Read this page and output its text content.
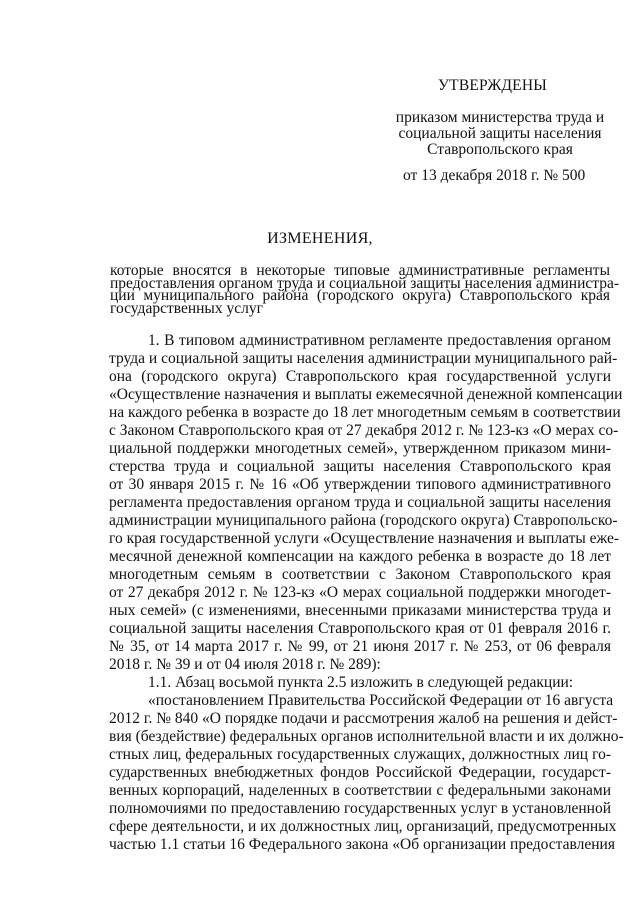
УТВЕРЖДЕНЫ
приказом министерства труда и
социальной защиты населения
Ставропольского края
от 13 декабря 2018 г. № 500
ИЗМЕНЕНИЯ,
которые вносятся в некоторые типовые административные регламенты
предоставления органом труда и социальной защиты населения администра-
ции муниципального района (городского округа) Ставропольского края
государственных услуг
1. В типовом административном регламенте предоставления органом
труда и социальной защиты населения администрации муниципального рай-
она (городского округа) Ставропольского края государственной услуги
«Осуществление назначения и выплаты ежемесячной денежной компенсации
на каждого ребенка в возрасте до 18 лет многодетным семьям в соответствии
с Законом Ставропольского края от 27 декабря 2012 г. № 123-кз «О мерах со-
циальной поддержки многодетных семей», утвержденном приказом мини-
стерства труда и социальной защиты населения Ставропольского края
от 30 января 2015 г. № 16 «Об утверждении типового административного
регламента предоставления органом труда и социальной защиты населения
администрации муниципального района (городского округа) Ставропольско-
го края государственной услуги «Осуществление назначения и выплаты еже-
месячной денежной компенсации на каждого ребенка в возрасте до 18 лет
многодетным семьям в соответствии с Законом Ставропольского края
от 27 декабря 2012 г. № 123-кз «О мерах социальной поддержки многодет-
ных семей» (с изменениями, внесенными приказами министерства труда и
социальной защиты населения Ставропольского края от 01 февраля 2016 г.
№ 35, от 14 марта 2017 г. № 99, от 21 июня 2017 г. № 253, от 06 февраля
2018 г. № 39 и от 04 июля 2018 г. № 289):
1.1. Абзац восьмой пункта 2.5 изложить в следующей редакции:
«постановлением Правительства Российской Федерации от 16 августа
2012 г. № 840 «О порядке подачи и рассмотрения жалоб на решения и дейст-
вия (бездействие) федеральных органов исполнительной власти и их должно-
стных лиц, федеральных государственных служащих, должностных лиц го-
сударственных внебюджетных фондов Российской Федерации, государст-
венных корпораций, наделенных в соответствии с федеральными законами
полномочиями по предоставлению государственных услуг в установленной
сфере деятельности, и их должностных лиц, организаций, предусмотренных
частью 1.1 статьи 16 Федерального закона «Об организации предоставления
